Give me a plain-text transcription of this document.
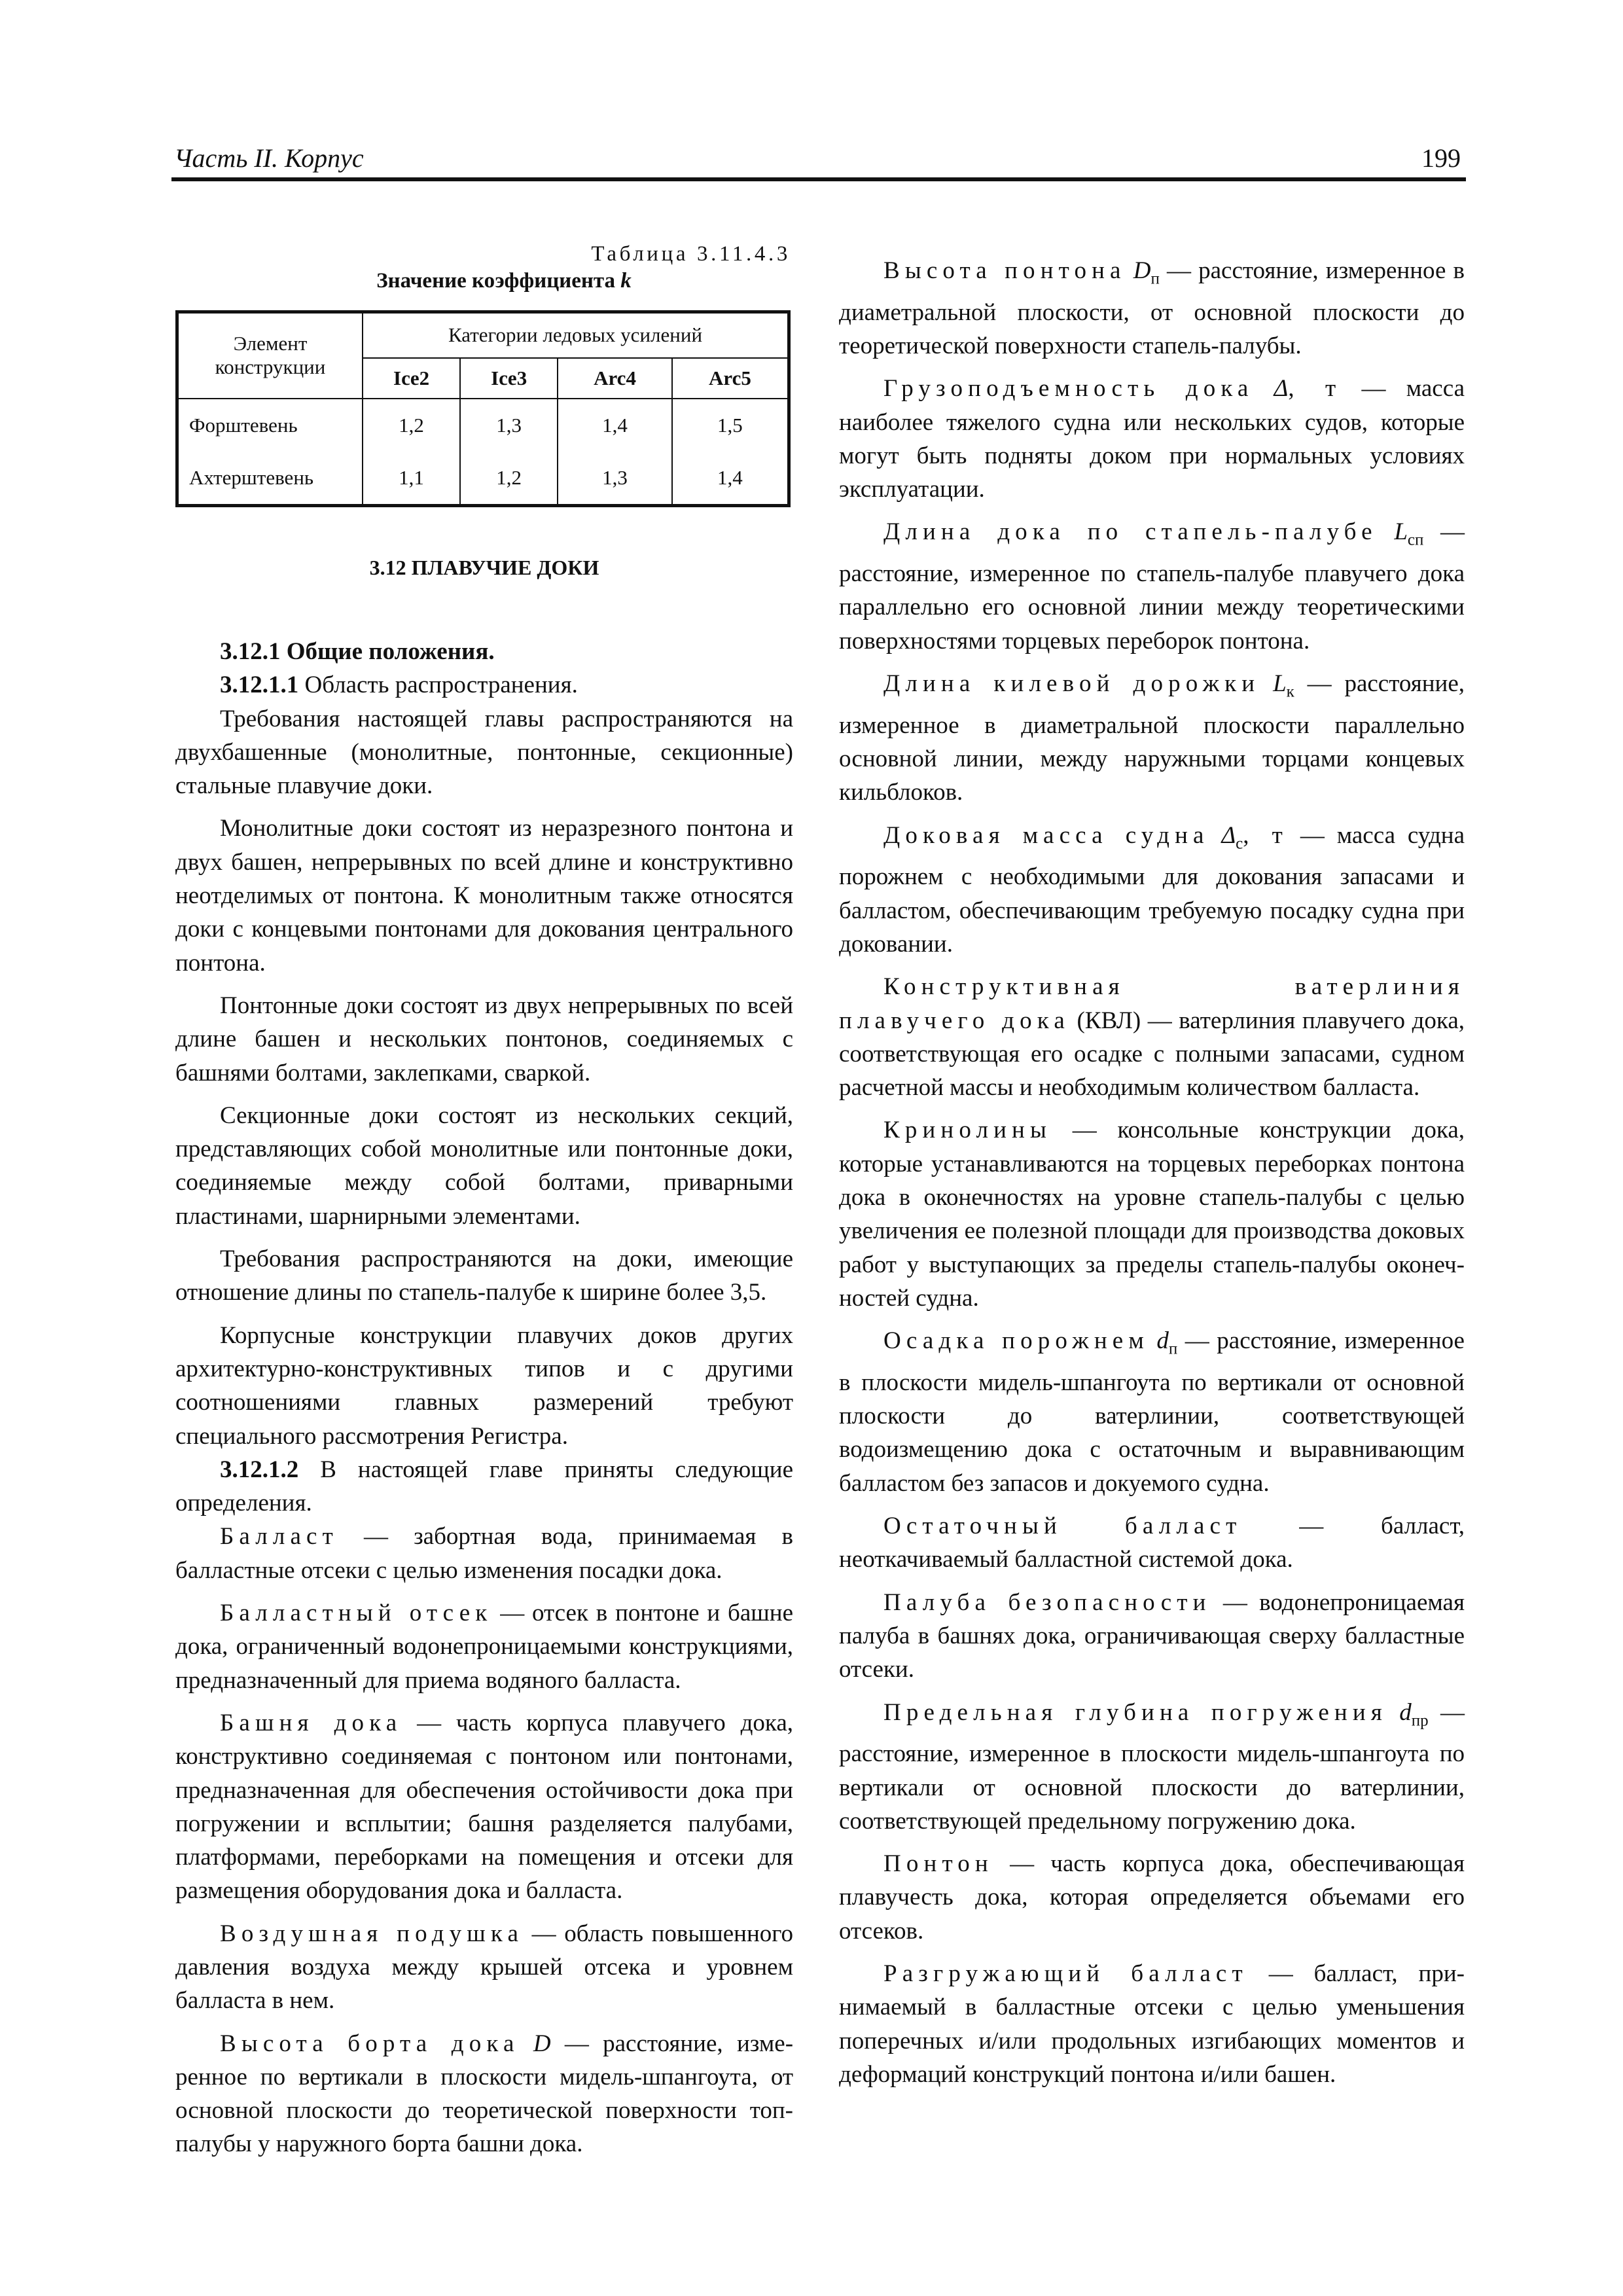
Часть II. Корпус	199
Таблица 3.11.4.3
Значение коэффициента k
Элемент конструкции	Категории ледовых усилений			
	Ice2	Ice3	Arc4	Arc5
Форштевень	1,2	1,3	1,4	1,5
Ахтерштевень	1,1	1,2	1,3	1,4
3.12 ПЛАВУЧИЕ ДОКИ

3.12.1 Общие положения.

3.12.1.1 Область распространения.

Требования настоящей главы распространяются на двухбашенные (монолитные, понтонные, секционные) стальные плавучие доки.

Монолитные доки состоят из неразрезного понтона и двух башен, непрерывных по всей длине и конструктивно неотделимых от понтона. К монолитным также относятся доки с концевыми понтонами для докования центрального понтона.

Понтонные доки состоят из двух непрерывных по всей длине башен и нескольких понтонов, соединяемых с башнями болтами, заклепками, сваркой.

Секционные доки состоят из нескольких секций, представляющих собой монолитные или понтонные доки, соединяемые между собой болтами, приварными пластинами, шарнирными элементами.

Требования распространяются на доки, имеющие отношение длины по стапель-палубе к ширине более 3,5.

Корпусные конструкции плавучих доков других архитектурно-конструктивных типов и с другими соотношениями главных размерений требуют специального рассмотрения Регистра.

3.12.1.2 В настоящей главе приняты следующие определения.

Балласт — забортная вода, принимаемая в балластные отсеки с целью изменения посадки дока.

Балластный отсек — отсек в понтоне и башне дока, ограниченный водонепроницаемыми конструкциями, предназначенный для приема водяного балласта.

Башня дока — часть корпуса плавучего дока, конструктивно соединяемая с понтоном или понтонами, предназначенная для обеспечения остойчивости дока при погружении и всплытии; башня разделяется палубами, платформами, переборками на помещения и отсеки для размещения оборудования дока и балласта.

Воздушная подушка — область повышенного давления воздуха между крышей отсека и уровнем балласта в нем.

Высота борта дока D — расстояние, измеренное по вертикали в плоскости мидель-шпангоута, от основной плоскости до теоретической поверхности топ-палубы у наружного борта башни дока.

Высота понтона $D_п$ — расстояние, измеренное в диаметральной плоскости, от основной плоскости до теоретической поверхности стапель-палубы.

Грузоподъемность дока Δ, т — масса наиболее тяжелого судна или нескольких судов, которые могут быть подняты доком при нормальных условиях эксплуатации.

Длина дока по стапель-палубе $L_{сп}$ — расстояние, измеренное по стапель-палубе плавучего дока параллельно его основной линии между теоретическими поверхностями торцевых переборок понтона.

Длина килевой дорожки $L_к$ — расстояние, измеренное в диаметральной плоскости параллельно основной линии, между наружными торцами концевых кильблоков.

Доковая масса судна $\Delta_с$, т — масса судна порожнем с необходимыми для докования запасами и балластом, обеспечивающим требуемую посадку судна при доковании.

Конструктивная ватерлиния плавучего дока (КВЛ) — ватерлиния плавучего дока, соответствующая его осадке с полными запасами, судном расчетной массы и необходимым количеством балласта.

Кринолины — консольные конструкции дока, которые устанавливаются на торцевых переборках понтона дока в оконечностях на уровне стапель-палубы с целью увеличения ее полезной площади для производства доковых работ у выступающих за пределы стапель-палубы оконечностей судна.

Осадка порожнем $d_п$ — расстояние, измеренное в плоскости мидель-шпангоута по вертикали от основной плоскости до ватерлинии, соответствующей водоизмещению дока с остаточным и выравнивающим балластом без запасов и докуемого судна.

Остаточный балласт — балласт, неоткачиваемый балластной системой дока.

Палуба безопасности — водонепроницаемая палуба в башнях дока, ограничивающая сверху балластные отсеки.

Предельная глубина погружения $d_{пр}$ — расстояние, измеренное в плоскости мидель-шпангоута по вертикали от основной плоскости до ватерлинии, соответствующей предельному погружению дока.

Понтон — часть корпуса дока, обеспечивающая плавучесть дока, которая определяется объемами его отсеков.

Разгружающий балласт — балласт, принимаемый в балластные отсеки с целью уменьшения поперечных и/или продольных изгибающих моментов и деформаций конструкций понтона и/или башен.
